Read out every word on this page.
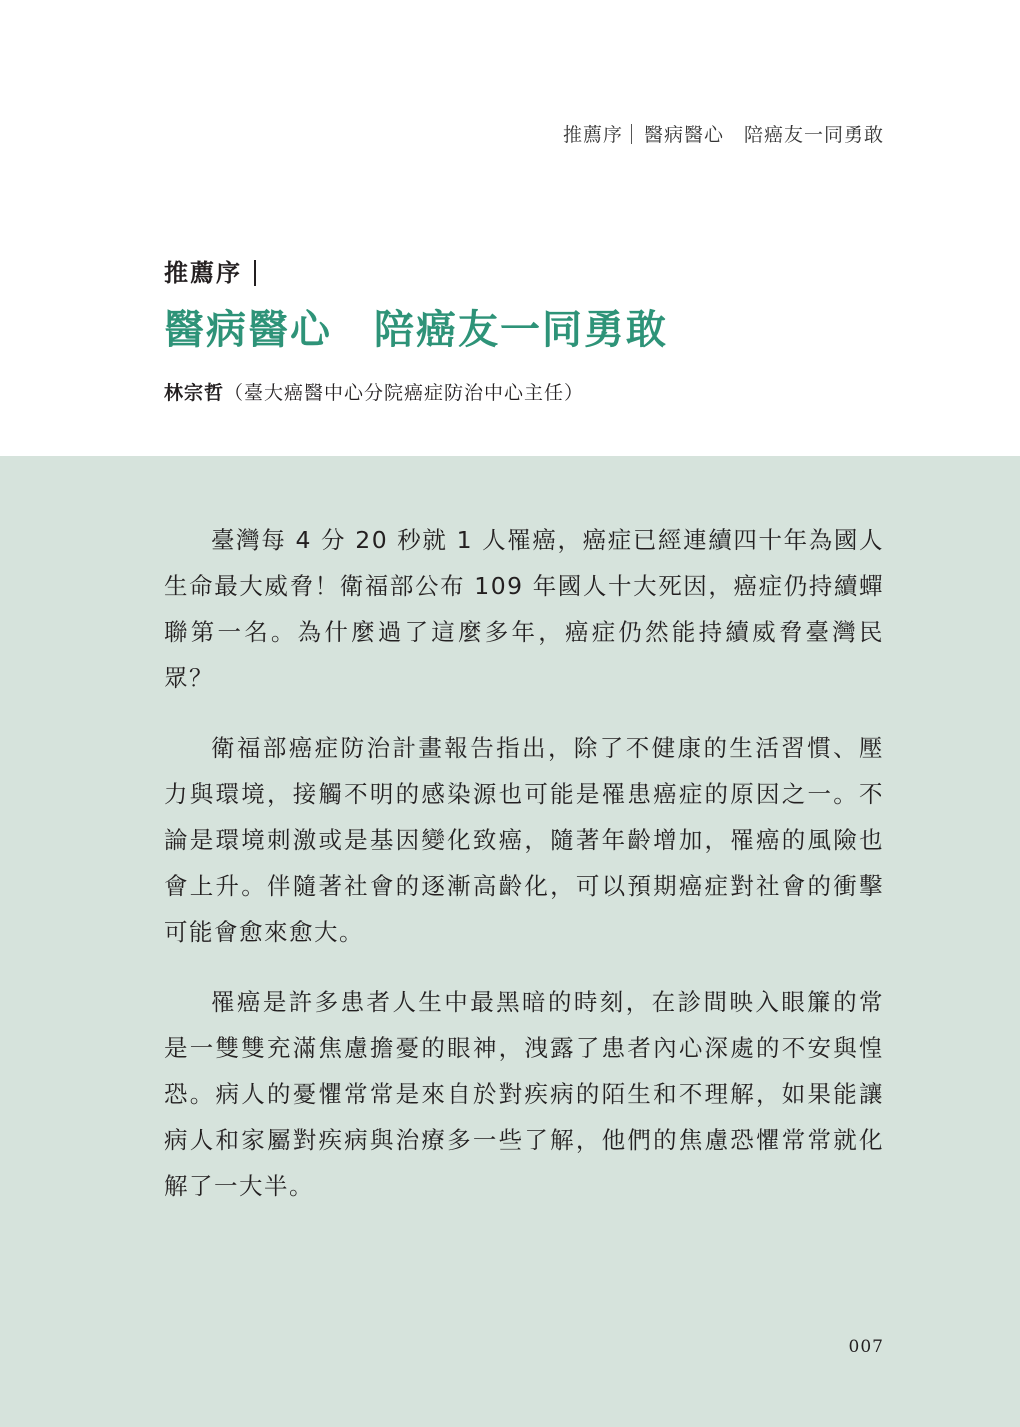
推薦序 醫病醫心　陪癌友一同勇敢
推薦序
醫病醫心　陪癌友一同勇敢
林宗哲（臺大癌醫中心分院癌症防治中心主任）

臺灣每 4 分 20 秒就 1 人罹癌，癌症已經連續四十年為國人生命最大威脅！衛福部公布 109 年國人十大死因，癌症仍持續蟬聯第一名。為什麼過了這麼多年，癌症仍然能持續威脅臺灣民眾？

衛福部癌症防治計畫報告指出，除了不健康的生活習慣、壓力與環境，接觸不明的感染源也可能是罹患癌症的原因之一。不論是環境刺激或是基因變化致癌，隨著年齡增加，罹癌的風險也會上升。伴隨著社會的逐漸高齡化，可以預期癌症對社會的衝擊可能會愈來愈大。

罹癌是許多患者人生中最黑暗的時刻，在診間映入眼簾的常是一雙雙充滿焦慮擔憂的眼神，洩露了患者內心深處的不安與惶恐。病人的憂懼常常是來自於對疾病的陌生和不理解，如果能讓病人和家屬對疾病與治療多一些了解，他們的焦慮恐懼常常就化解了一大半。

007
